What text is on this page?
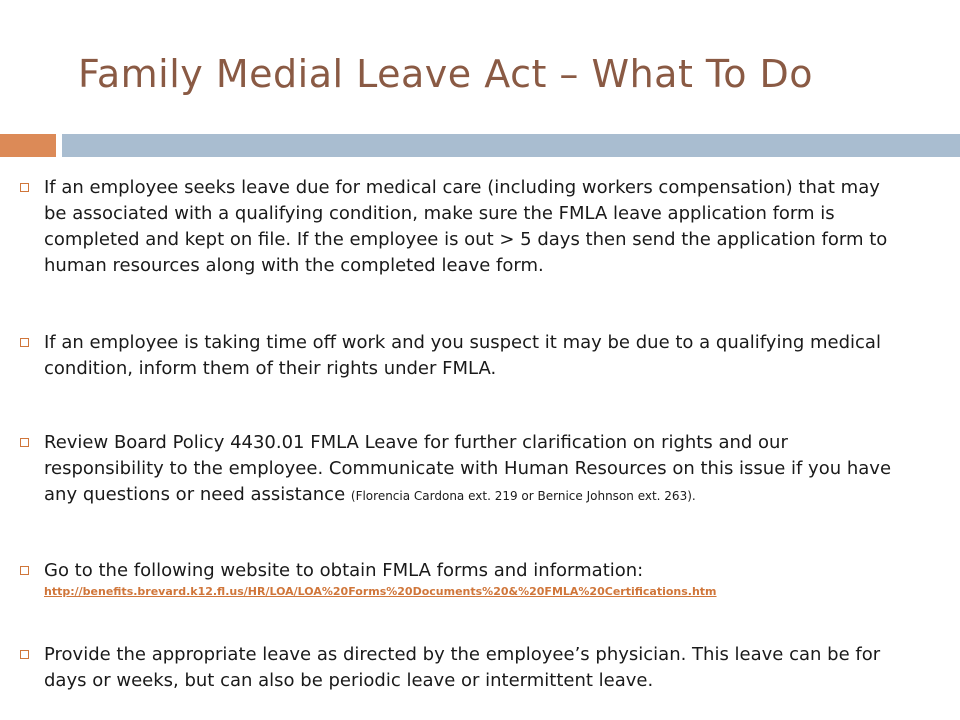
Family Medial Leave Act – What To Do
If an employee seeks leave due for medical care (including workers compensation) that may be associated with a qualifying condition, make sure the FMLA leave application form is completed and kept on file. If the employee is out > 5 days then send the application form to human resources along with the completed leave form.
If an employee is taking time off work and you suspect it may be due to a qualifying medical condition, inform them of their rights under FMLA.
Review Board Policy 4430.01 FMLA Leave for further clarification on rights and our responsibility to the employee. Communicate with Human Resources on this issue if you have any questions or need assistance (Florencia Cardona ext. 219 or Bernice Johnson ext. 263).
Go to the following website to obtain FMLA forms and information:
http://benefits.brevard.k12.fl.us/HR/LOA/LOA%20Forms%20Documents%20&%20FMLA%20Certifications.htm
Provide the appropriate leave as directed by the employee’s physician. This leave can be for days or weeks, but can also be periodic leave or intermittent leave.
